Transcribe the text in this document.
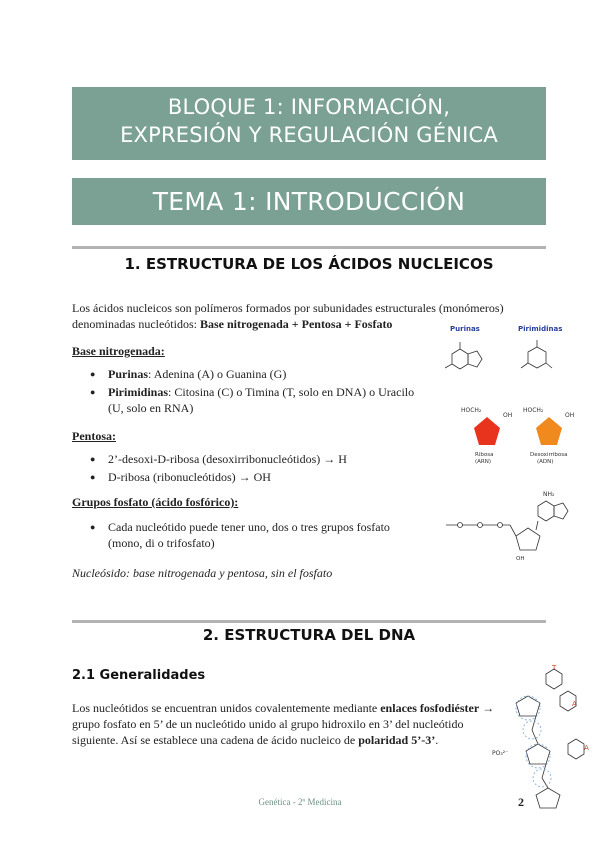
BLOQUE 1: INFORMACIÓN,
EXPRESIÓN Y REGULACIÓN GÉNICA
TEMA 1: INTRODUCCIÓN
1. ESTRUCTURA DE LOS ÁCIDOS NUCLEICOS
Los ácidos nucleicos son polímeros formados por subunidades estructurales (monómeros)
denominadas nucleótidos: Base nitrogenada + Pentosa + Fosfato
Base nitrogenada:
● Purinas: Adenina (A) o Guanina (G)
● Pirimidinas: Citosina (C) o Timina (T, solo en DNA) o Uracilo
(U, solo en RNA)
Pentosa:
● 2’-desoxi-D-ribosa (desoxirribonucleótidos) → H
● D-ribosa (ribonucleótidos) → OH
Grupos fosfato (ácido fosfórico):
● Cada nucleótido puede tener uno, dos o tres grupos fosfato
(mono, di o trifosfato)
Nucleósido: base nitrogenada y pentosa, sin el fosfato
Purinas	Pirimidinas
HOCH₂
OH
Ribosa
(ARN)
HOCH₂
OH
Desoxirribosa
(ADN)
NH₂
OH
2. ESTRUCTURA DEL DNA
2.1 Generalidades
Los nucleótidos se encuentran unidos covalentemente mediante enlaces fosfodiéster →
grupo fosfato en 5’ de un nucleótido unido al grupo hidroxilo en 3’ del nucleótido
siguiente. Así se establece una cadena de ácido nucleico de polaridad 5’-3’.
T
A
A
PO₃²⁻
Genética - 2º Medicina	2
